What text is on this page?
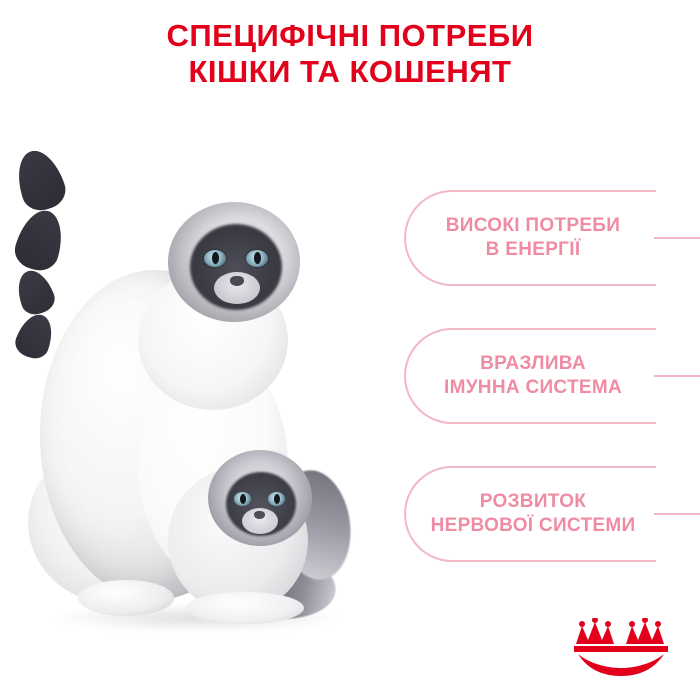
СПЕЦИФІЧНІ ПОТРЕБИ
КІШКИ ТА КОШЕНЯТ
ВИСОКІ ПОТРЕБИ
В ЕНЕРГІЇ
ВРАЗЛИВА
ІМУННА СИСТЕМА
РОЗВИТОК
НЕРВОВОЇ СИСТЕМИ
